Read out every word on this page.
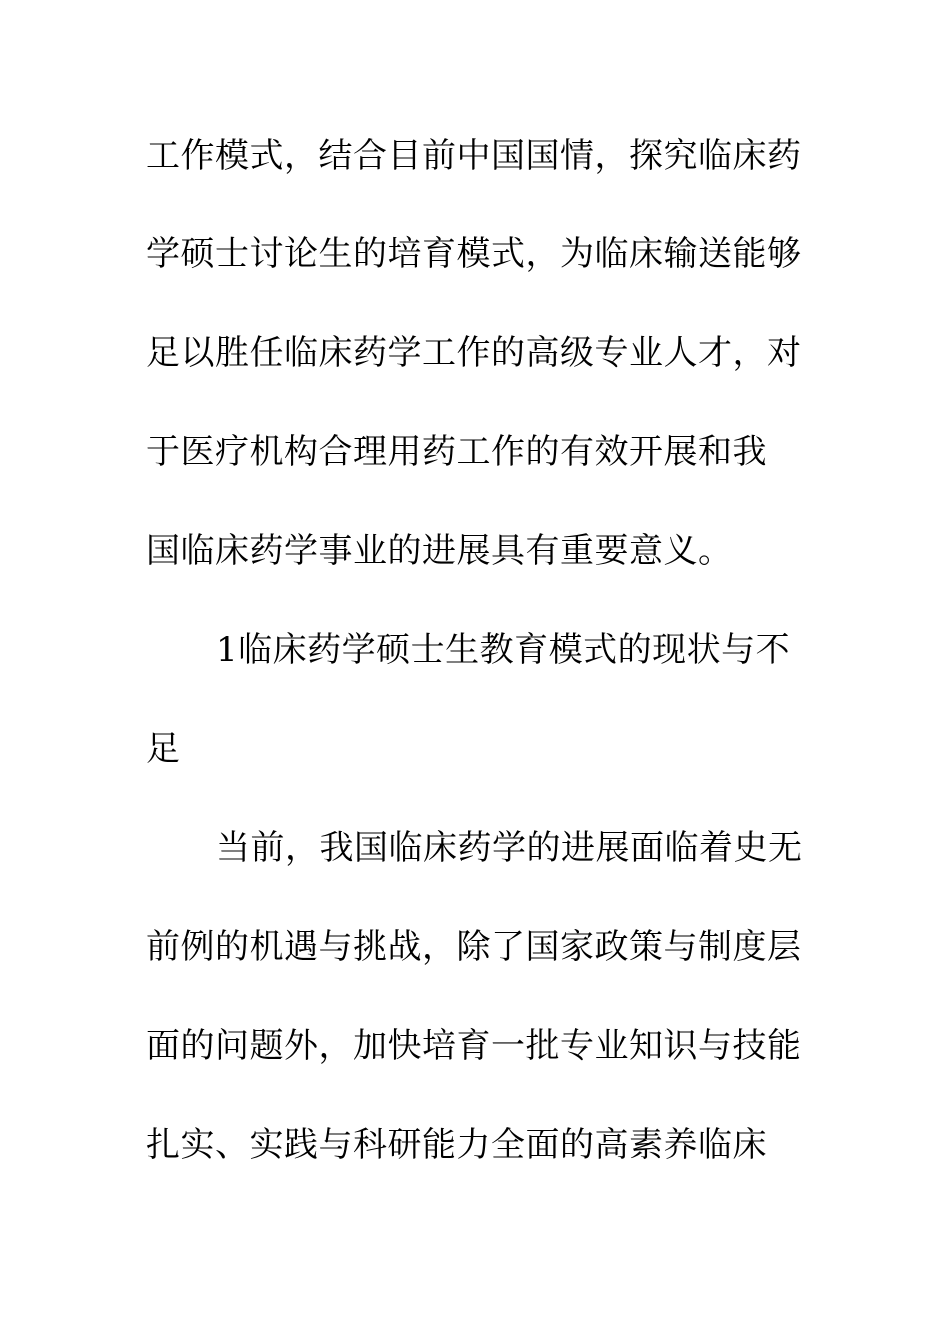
工作模式，结合目前中国国情，探究临床药
学硕士讨论生的培育模式，为临床输送能够
足以胜任临床药学工作的高级专业人才，对
于医疗机构合理用药工作的有效开展和我
国临床药学事业的进展具有重要意义。
1临床药学硕士生教育模式的现状与不
足
当前，我国临床药学的进展面临着史无
前例的机遇与挑战，除了国家政策与制度层
面的问题外，加快培育一批专业知识与技能
扎实、实践与科研能力全面的高素养临床
